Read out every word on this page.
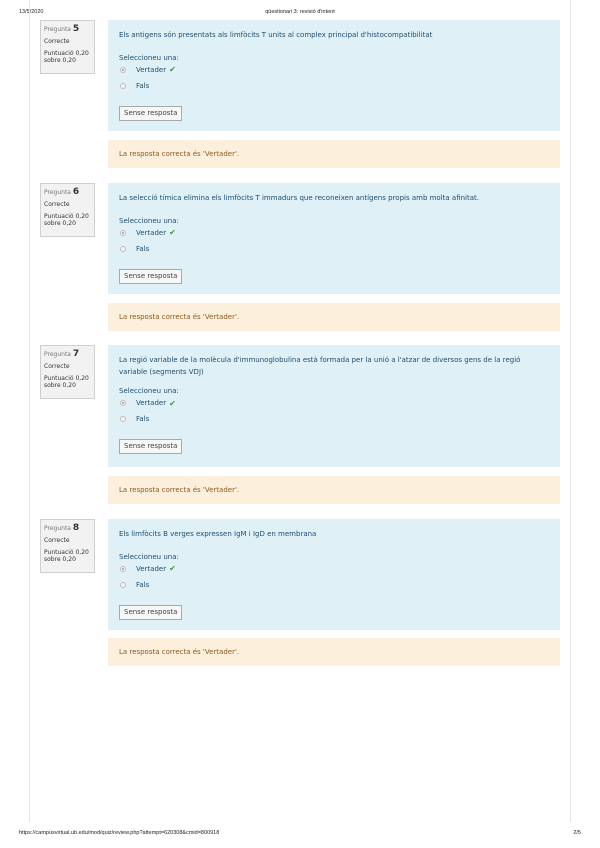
13/5/2020	qüestionari 3: revisió d'intent
Pregunta 5
Correcte
Puntuació 0,20 sobre 0,20
Els antigens són presentats als limfòcits T units al complex principal d'histocompatibilitat
Seleccioneu una:
Vertader ✔
Fals
Sense resposta
La resposta correcta és 'Vertader'.
Pregunta 6
Correcte
Puntuació 0,20 sobre 0,20
La selecció tímica elimina els limfòcits T immadurs que reconeixen antígens propis amb molta afinitat.
Seleccioneu una:
Vertader ✔
Fals
Sense resposta
La resposta correcta és 'Vertader'.
Pregunta 7
Correcte
Puntuació 0,20 sobre 0,20
La regió variable de la molècula d'immunoglobulina està formada per la unió a l'atzar de diversos gens de la regió variable (segments VDJ)
Seleccioneu una:
Vertader ✔
Fals
Sense resposta
La resposta correcta és 'Vertader'.
Pregunta 8
Correcte
Puntuació 0,20 sobre 0,20
Els limfòcits B verges expressen IgM i IgD en membrana
Seleccioneu una:
Vertader ✔
Fals
Sense resposta
La resposta correcta és 'Vertader'.
https://campusvirtual.ub.edu/mod/quiz/review.php?attempt=620308&cmid=800918	2/5
